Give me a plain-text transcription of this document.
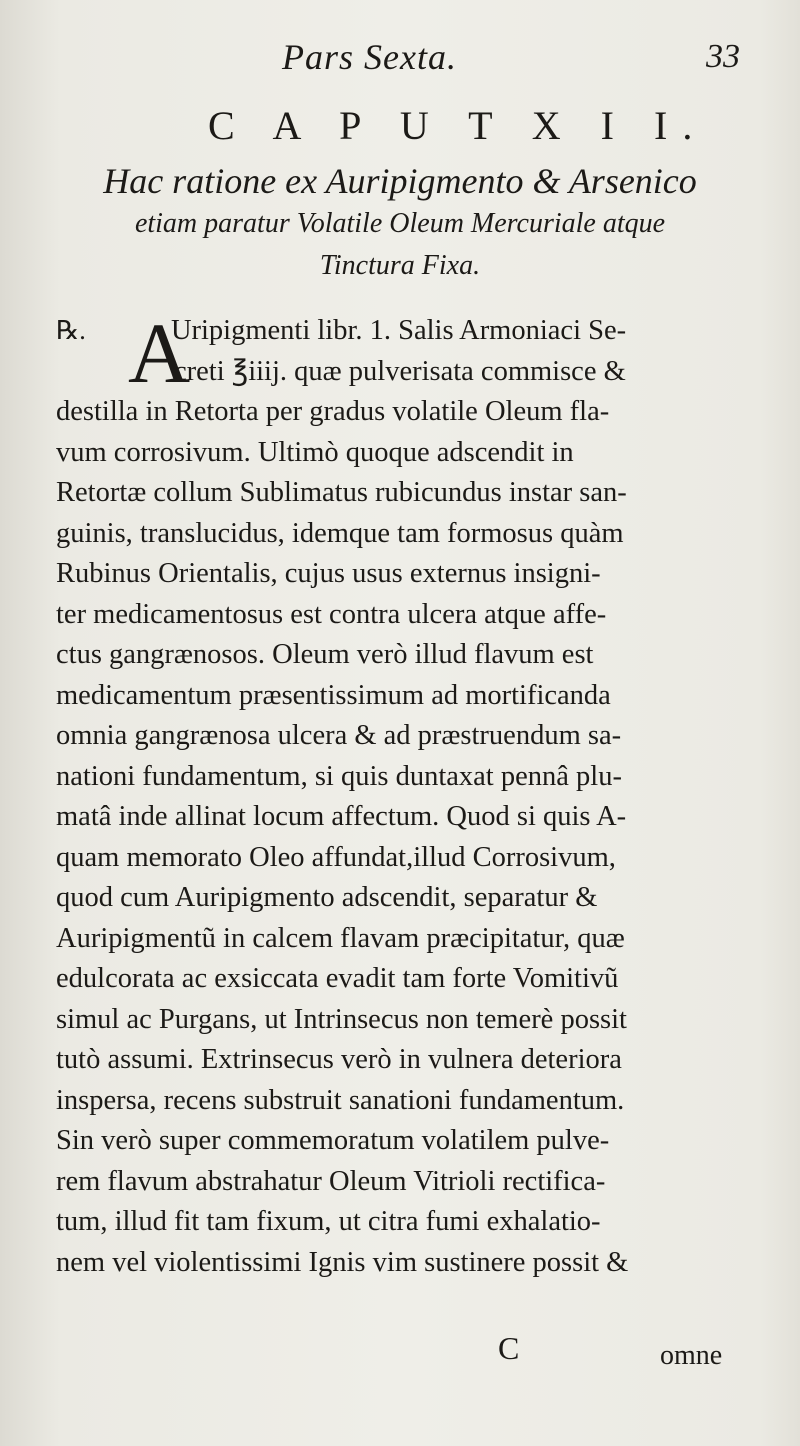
Pars Sexta.	33
C A P U T X I I.
Hac ratione ex Auripigmento & Arsenico
etiam paratur Volatile Oleum Mercuriale atque
Tinctura Fixa.
A
℞.	Uripigmenti libr. 1. Salis Armoniaci Se-
creti ℥iiij. quæ pulverisata commisce &
destilla in Retorta per gradus volatile Oleum fla-
vum corrosivum. Ultimò quoque adscendit in
Retortæ collum Sublimatus rubicundus instar san-
guinis, translucidus, idemque tam formosus quàm
Rubinus Orientalis, cujus usus externus insigni-
ter medicamentosus est contra ulcera atque affe-
ctus gangrænosos. Oleum verò illud flavum est
medicamentum præsentissimum ad mortificanda
omnia gangrænosa ulcera & ad præstruendum sa-
nationi fundamentum, si quis duntaxat pennâ plu-
matâ inde allinat locum affectum. Quod si quis A-
quam memorato Oleo affundat,illud Corrosivum,
quod cum Auripigmento adscendit, separatur &
Auripigmentũ in calcem flavam præcipitatur, quæ
edulcorata ac exsiccata evadit tam forte Vomitivũ
simul ac Purgans, ut Intrinsecus non temerè possit
tutò assumi. Extrinsecus verò in vulnera deteriora
inspersa, recens substruit sanationi fundamentum.
Sin verò super commemoratum volatilem pulve-
rem flavum abstrahatur Oleum Vitrioli rectifica-
tum, illud fit tam fixum, ut citra fumi exhalatio-
nem vel violentissimi Ignis vim sustinere possit &
C	omne
